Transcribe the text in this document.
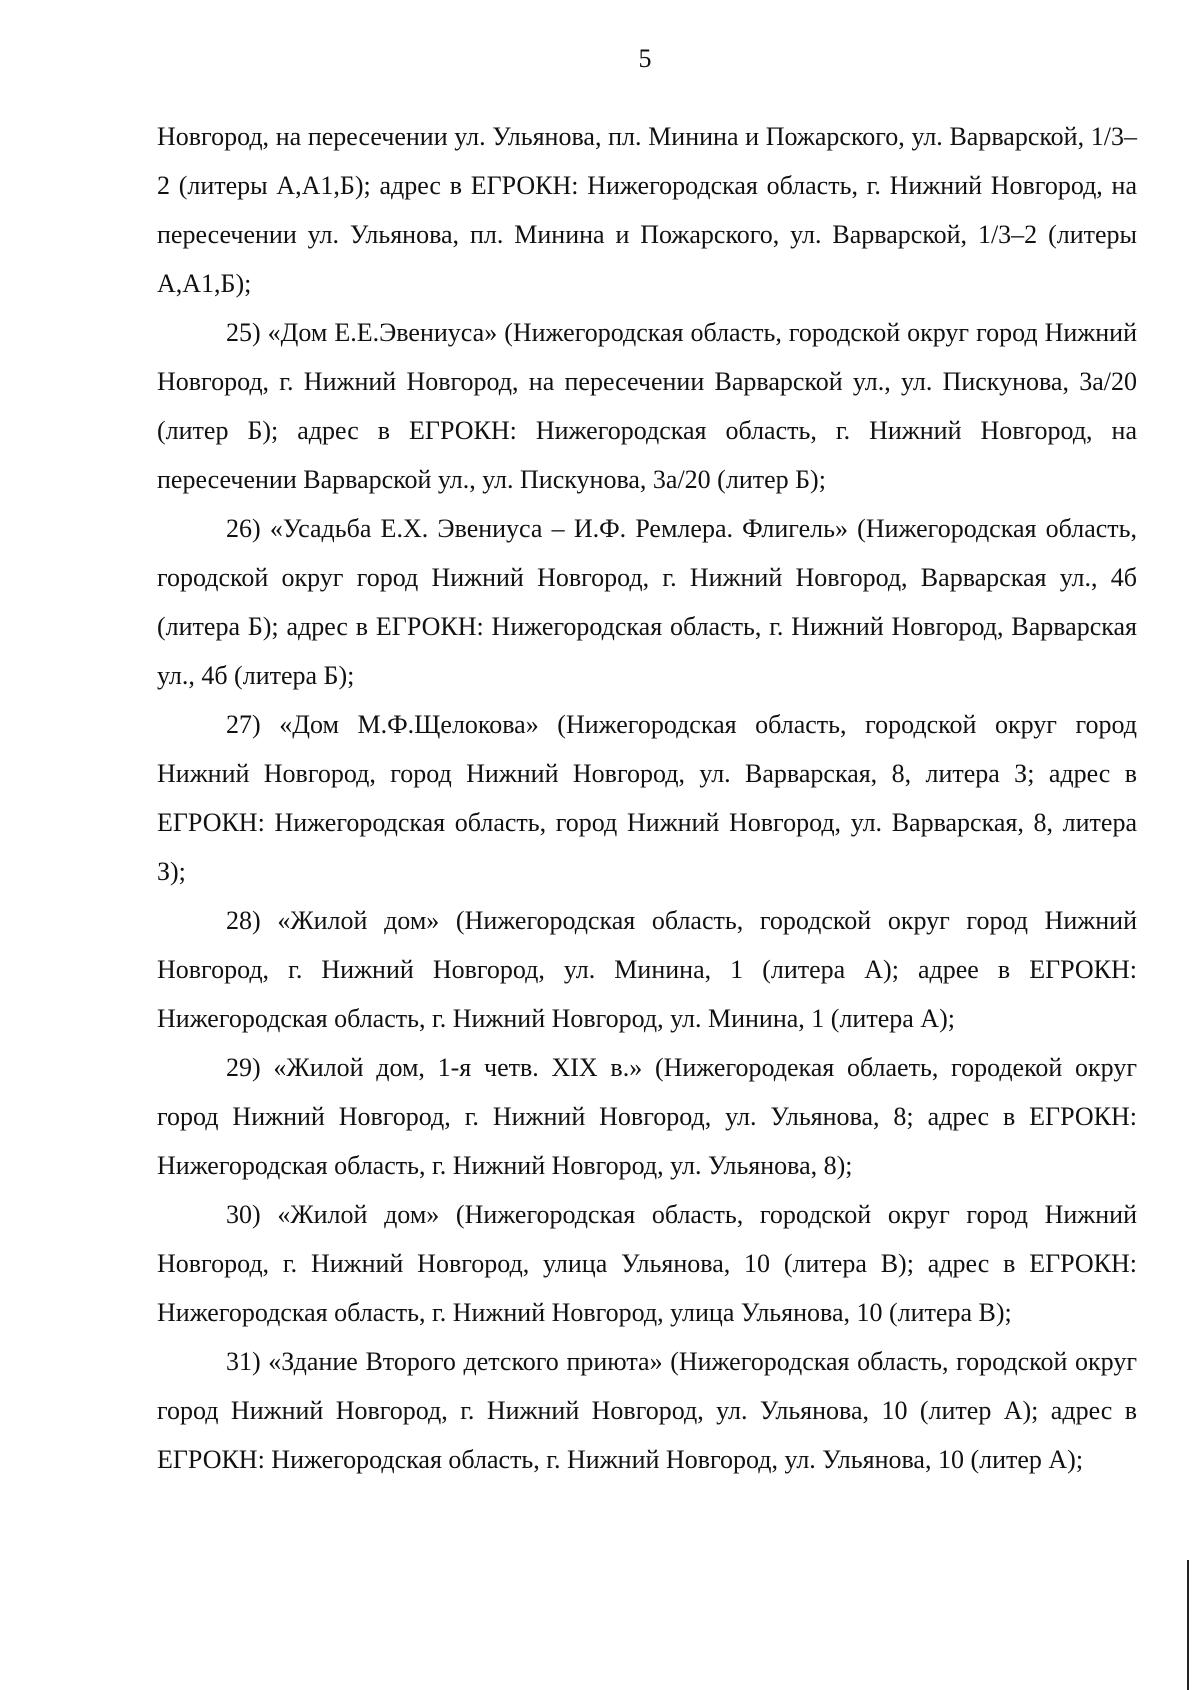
5

Новгород, на пересечении ул. Ульянова, пл. Минина и Пожарского, ул. Варварской, 1/3–2 (литеры А,А1,Б); адрес в ЕГРОКН: Нижегородская область, г. Нижний Новгород, на пересечении ул. Ульянова, пл. Минина и Пожарского, ул. Варварской, 1/3–2 (литеры А,А1,Б);

25) «Дом Е.Е.Эвениуса» (Нижегородская область, городской округ город Нижний Новгород, г. Нижний Новгород, на пересечении Варварской ул., ул. Пискунова, 3а/20 (литер Б); адрес в ЕГРОКН: Нижегородская область, г. Нижний Новгород, на пересечении Варварской ул., ул. Пискунова, 3а/20 (литер Б);

26) «Усадьба Е.Х. Эвениуса – И.Ф. Ремлера. Флигель» (Нижегородская область, городской округ город Нижний Новгород, г. Нижний Новгород, Варварская ул., 4б (литера Б); адрес в ЕГРОКН: Нижегородская область, г. Нижний Новгород, Варварская ул., 4б (литера Б);

27) «Дом М.Ф.Щелокова» (Нижегородская область, городской округ город Нижний Новгород, город Нижний Новгород, ул. Варварская, 8, литера З; адрес в ЕГРОКН: Нижегородская область, город Нижний Новгород, ул. Варварская, 8, литера З);

28) «Жилой дом» (Нижегородская область, городской округ город Нижний Новгород, г. Нижний Новгород, ул. Минина, 1 (литера А); адрее в ЕГРОКН: Нижегородская область, г. Нижний Новгород, ул. Минина, 1 (литера А);

29) «Жилой дом, 1-я четв. XIX в.» (Нижегородекая облаеть, городекой округ город Нижний Новгород, г. Нижний Новгород, ул. Ульянова, 8; адрес в ЕГРОКН: Нижегородская область, г. Нижний Новгород, ул. Ульянова, 8);

30) «Жилой дом» (Нижегородская область, городской округ город Нижний Новгород, г. Нижний Новгород, улица Ульянова, 10 (литера В); адрес в ЕГРОКН: Нижегородская область, г. Нижний Новгород, улица Ульянова, 10 (литера В);

31) «Здание Второго детского приюта» (Нижегородская область, городской округ город Нижний Новгород, г. Нижний Новгород, ул. Ульянова, 10 (литер А); адрес в ЕГРОКН: Нижегородская область, г. Нижний Новгород, ул. Ульянова, 10 (литер А);
